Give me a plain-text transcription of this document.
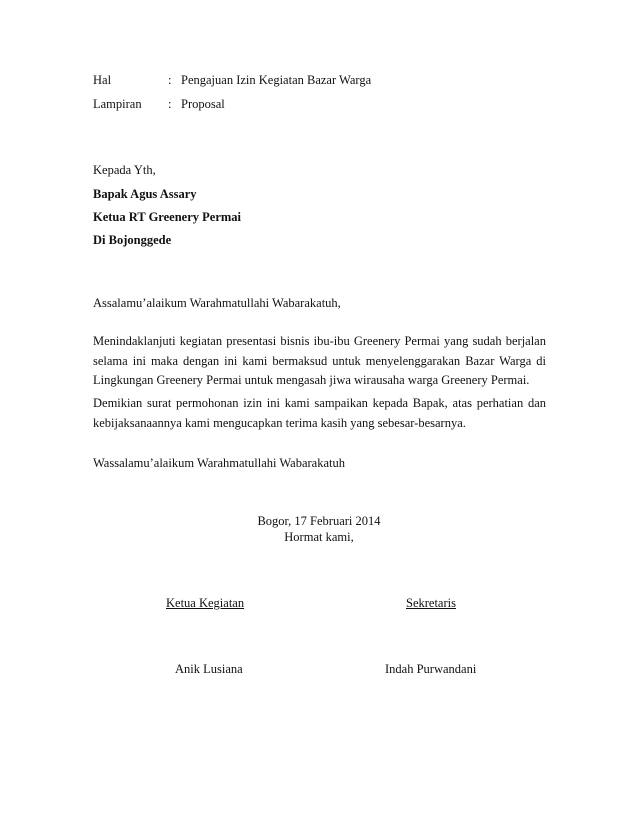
Hal	: Pengajuan Izin Kegiatan Bazar Warga
Lampiran : Proposal
Kepada Yth,
Bapak Agus Assary
Ketua RT Greenery Permai
Di Bojonggede
Assalamu’alaikum Warahmatullahi Wabarakatuh,
Menindaklanjuti kegiatan presentasi bisnis ibu-ibu Greenery Permai yang sudah berjalan
selama ini maka dengan ini kami bermaksud untuk menyelenggarakan Bazar Warga di
Lingkungan Greenery Permai untuk mengasah jiwa wirausaha warga Greenery Permai.
Demikian surat permohonan izin ini kami sampaikan kepada Bapak, atas perhatian dan
kebijaksanaannya kami mengucapkan terima kasih yang sebesar-besarnya.
Wassalamu’alaikum Warahmatullahi Wabarakatuh
Bogor, 17 Februari 2014
Hormat kami,
Ketua Kegiatan	Sekretaris
Anik Lusiana	Indah Purwandani
